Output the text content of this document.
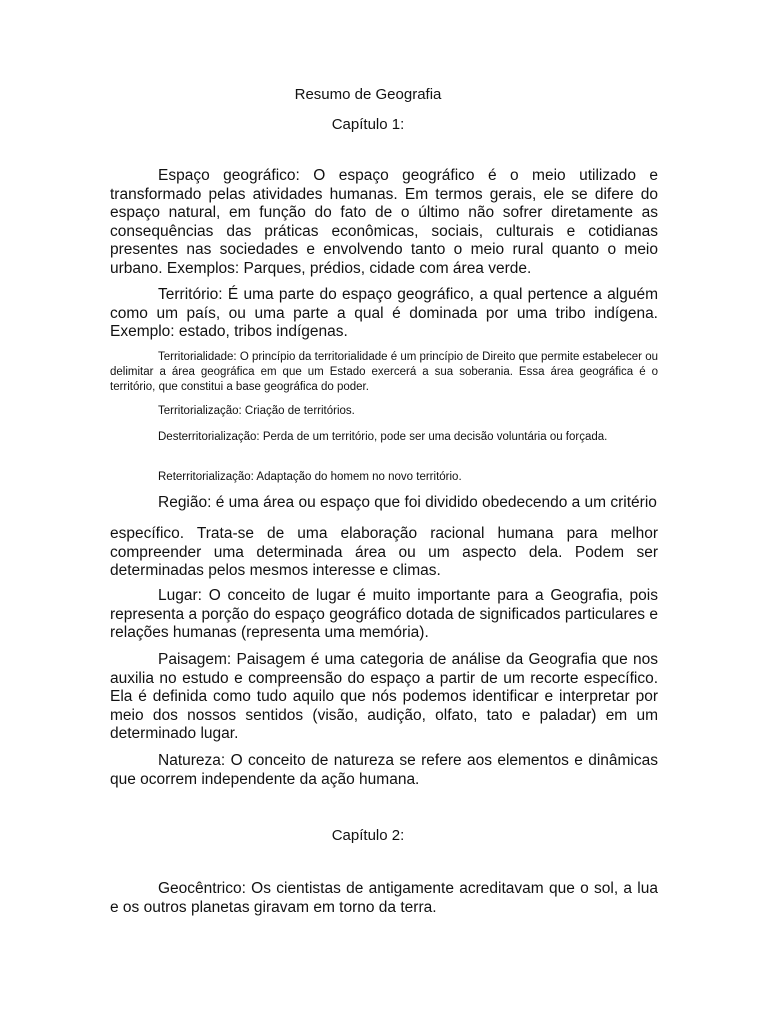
Resumo de Geografia
Capítulo 1:

Espaço geográfico: O espaço geográfico é o meio utilizado e transformado pelas atividades humanas. Em termos gerais, ele se difere do espaço natural, em função do fato de o último não sofrer diretamente as consequências das práticas econômicas, sociais, culturais e cotidianas presentes nas sociedades e envolvendo tanto o meio rural quanto o meio urbano. Exemplos: Parques, prédios, cidade com área verde.

Território: É uma parte do espaço geográfico, a qual pertence a alguém como um país, ou uma parte a qual é dominada por uma tribo indígena. Exemplo: estado, tribos indígenas.

Territorialidade: O princípio da territorialidade é um princípio de Direito que permite estabelecer ou delimitar a área geográfica em que um Estado exercerá a sua soberania. Essa área geográfica é o território, que constitui a base geográfica do poder.

Territorialização: Criação de territórios.

Desterritorialização: Perda de um território, pode ser uma decisão voluntária ou forçada.

Reterritorialização: Adaptação do homem no novo território.

Região: é uma área ou espaço que foi dividido obedecendo a um critério

específico. Trata-se de uma elaboração racional humana para melhor compreender uma determinada área ou um aspecto dela. Podem ser determinadas pelos mesmos interesse e climas.

Lugar: O conceito de lugar é muito importante para a Geografia, pois representa a porção do espaço geográfico dotada de significados particulares e relações humanas (representa uma memória).

Paisagem: Paisagem é uma categoria de análise da Geografia que nos auxilia no estudo e compreensão do espaço a partir de um recorte específico. Ela é definida como tudo aquilo que nós podemos identificar e interpretar por meio dos nossos sentidos (visão, audição, olfato, tato e paladar) em um determinado lugar.

Natureza: O conceito de natureza se refere aos elementos e dinâmicas que ocorrem independente da ação humana.

Capítulo 2:

Geocêntrico: Os cientistas de antigamente acreditavam que o sol, a lua e os outros planetas giravam em torno da terra.
